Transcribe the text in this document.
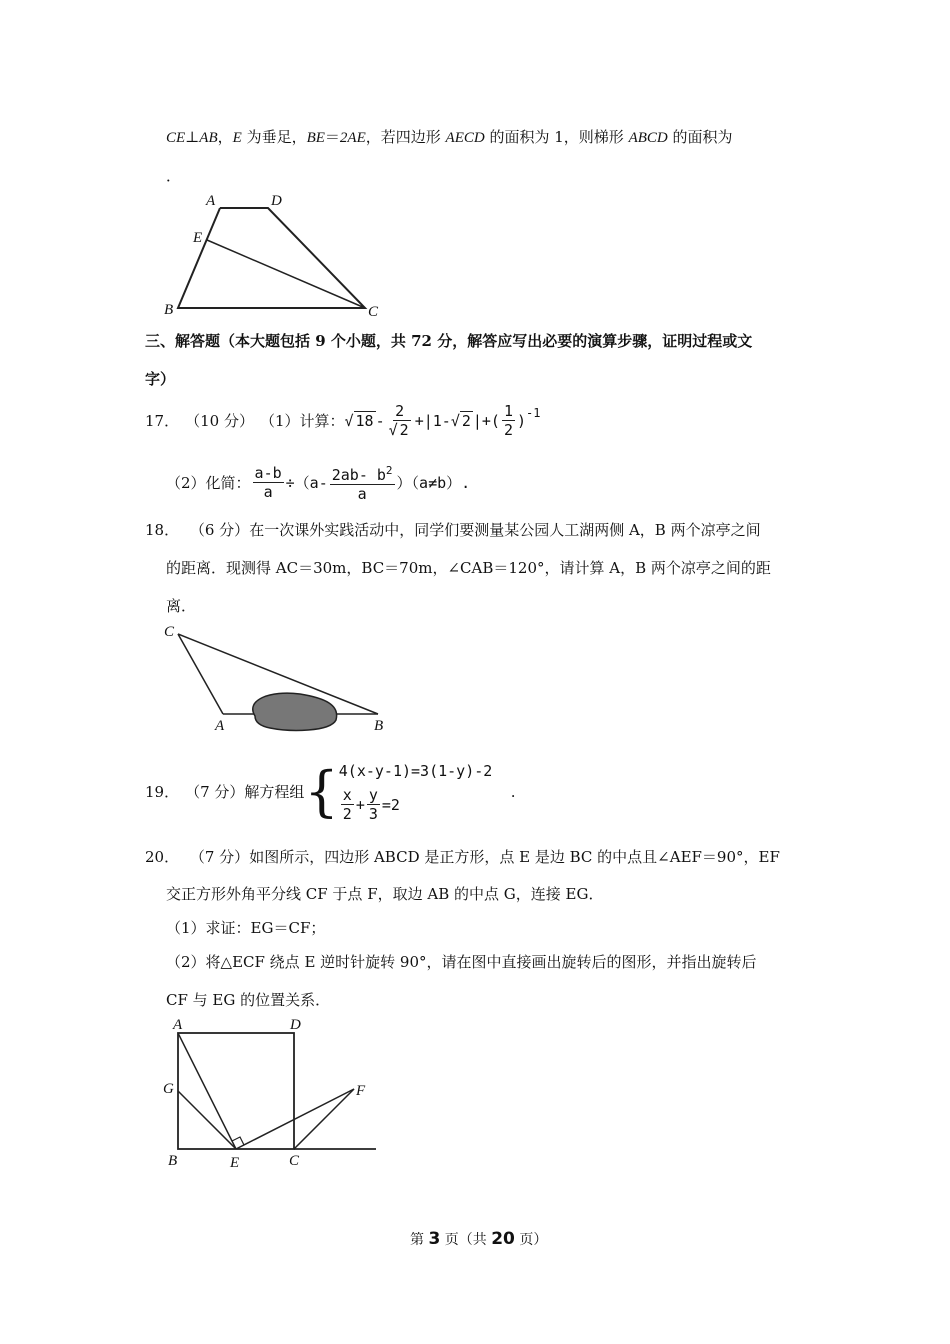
CE⊥AB，E 为垂足，BE＝2AE，若四边形 AECD 的面积为 1，则梯形 ABCD 的面积为
．
A	D
E
B	C
三、解答题（本大题包括 9 个小题，共 72 分，解答应写出必要的演算步骤，证明过程或文
字）
17． （10 分） （1）计算： √ $18 - \frac{2}{√ 2} +|1-$ √ 2 |+( $\frac{1}{2} )^{-1}$
（2）化简： $\frac{a-b}{a} \div(a- \frac{2ab- b^2}{a} )(a\ne b)$ .
18． （6 分）在一次课外实践活动中，同学们要测量某公园人工湖两侧 A，B 两个凉亭之间
的距离．现测得 AC＝30m，BC＝70m，∠CAB＝120°，请计算 A，B 两个凉亭之间的距
离．
C
A	B
19． （7 分） 解方程组 { 4(x-y-1)=3(1-y)-2
$\frac{x}{2} + \frac{y}{3} =2$
.
20． （7 分）如图所示，四边形 ABCD 是正方形，点 E 是边 BC 的中点且∠AEF＝90°，EF
交正方形外角平分线 CF 于点 F，取边 AB 的中点 G，连接 EG．
（1）求证：EG＝CF；
（2）将△ECF 绕点 E 逆时针旋转 90°，请在图中直接画出旋转后的图形，并指出旋转后
CF 与 EG 的位置关系．
A	D
G	F
B	E	C
第 3 页（共 20 页）
